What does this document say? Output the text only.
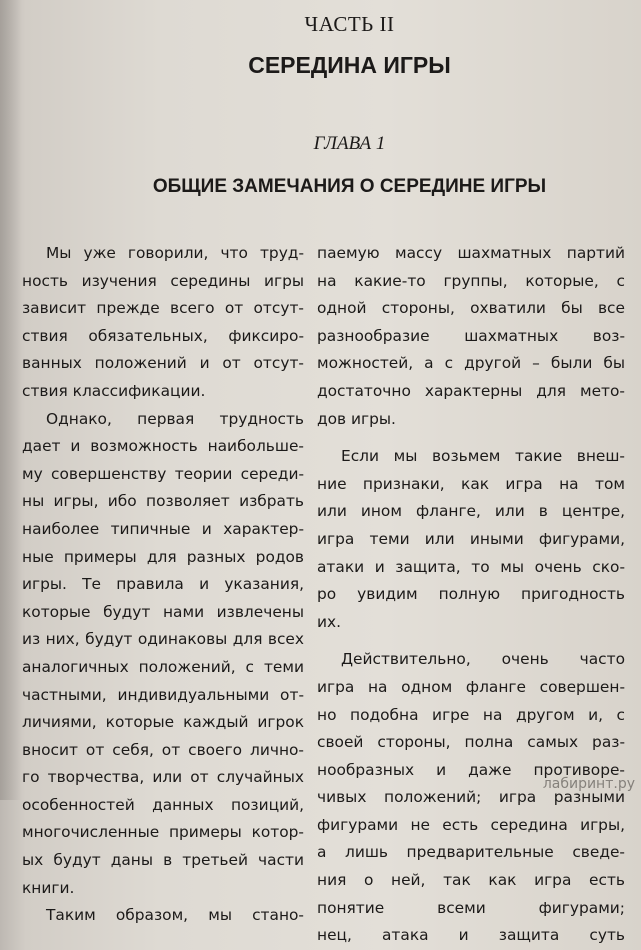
ЧАСТЬ II
СЕРЕДИНА ИГРЫ
ГЛАВА 1
ОБЩИЕ ЗАМЕЧАНИЯ О СЕРЕДИНЕ ИГРЫ
Мы уже говорили, что труд-
ность изучения середины игры
зависит прежде всего от отсут-
ствия обязательных, фиксиро-
ванных положений и от отсут-
ствия классификации.
Однако, первая трудность
дает и возможность наибольше-
му совершенству теории середи-
ны игры, ибо позволяет избрать
наиболее типичные и характер-
ные примеры для разных родов
игры. Те правила и указания,
которые будут нами извлечены
из них, будут одинаковы для всех
аналогичных положений, с теми
частными, индивидуальными от-
личиями, которые каждый игрок
вносит от себя, от своего лично-
го творчества, или от случайных
особенностей данных позиций,
многочисленные примеры котор-
ых будут даны в третьей части
книги.
Таким образом, мы стано-
паемую массу шахматных партий
на какие-то группы, которые, с
одной стороны, охватили бы все
разнообразие шахматных воз-
можностей, а с другой – были бы
достаточно характерны для мето-
дов игры.
Если мы возьмем такие внеш-
ние признаки, как игра на том
или ином фланге, или в центре,
игра теми или иными фигурами,
атаки и защита, то мы очень ско-
ро увидим полную пригодность
их.
Действительно, очень часто
игра на одном фланге совершен-
но подобна игре на другом и, с
своей стороны, полна самых раз-
нообразных и даже противоре-
чивых положений; игра разными
фигурами не есть середина игры,
а лишь предварительные сведе-
ния о ней, так как игра есть
понятие всеми фигурами;
нец, атака и защита суть
лабиринт.ру
